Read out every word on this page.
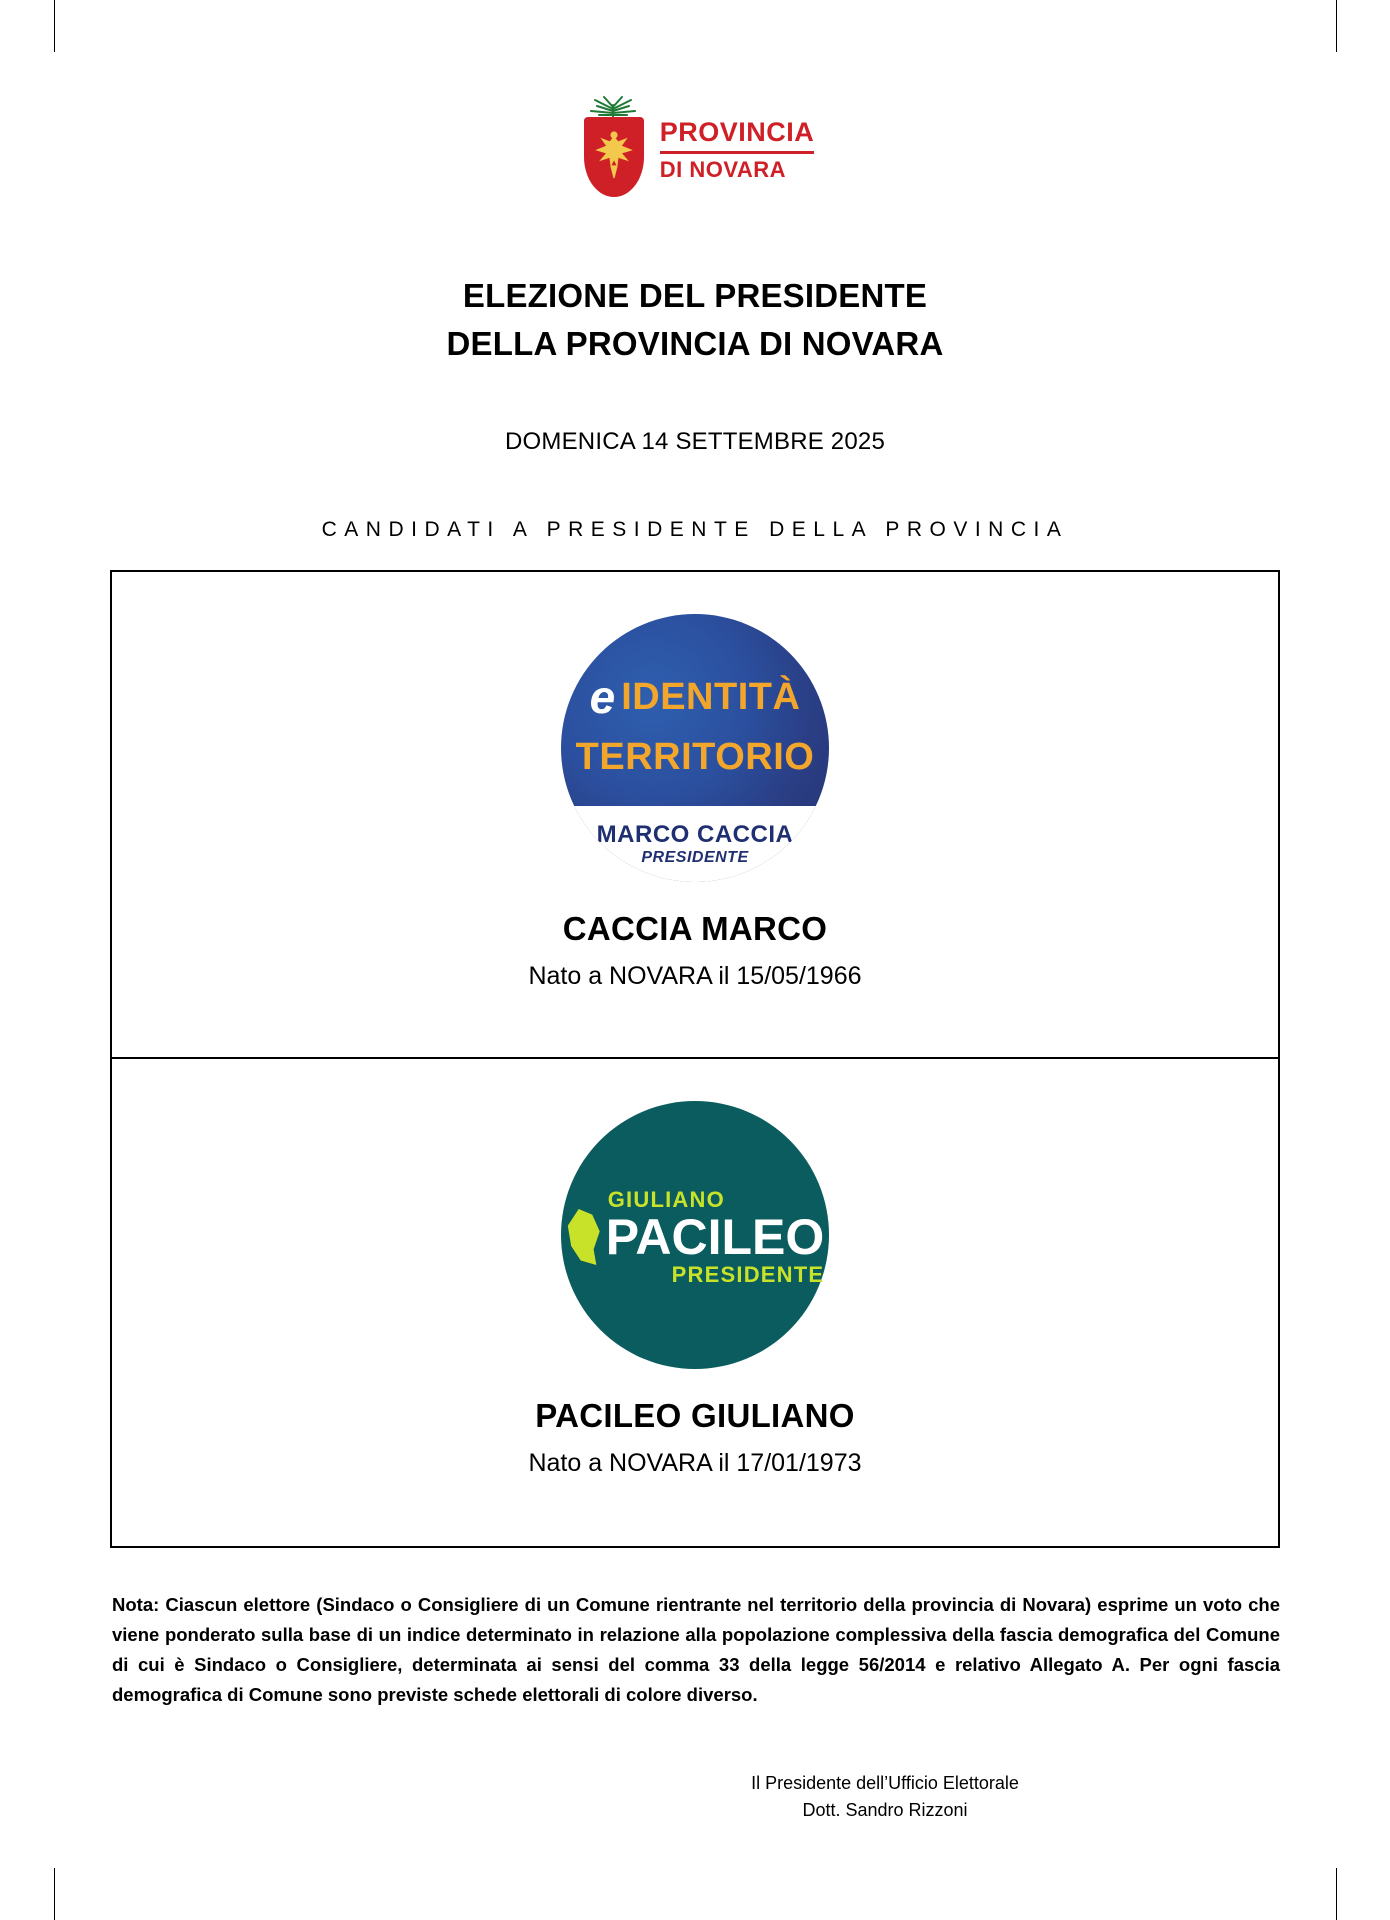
PROVINCIA
DI NOVARA
ELEZIONE DEL PRESIDENTE
DELLA PROVINCIA DI NOVARA
DOMENICA 14 SETTEMBRE 2025
CANDIDATI A PRESIDENTE DELLA PROVINCIA
e IDENTITÀ
TERRITORIO
MARCO CACCIA
PRESIDENTE
CACCIA MARCO
Nato a NOVARA il 15/05/1966
GIULIANO
PACILEO
PRESIDENTE
PACILEO GIULIANO
Nato a NOVARA il 17/01/1973
Nota: Ciascun elettore (Sindaco o Consigliere di un Comune rientrante nel territorio della provincia di Novara) esprime un voto che viene ponderato sulla base di un indice determinato in relazione alla popolazione complessiva della fascia demografica del Comune di cui è Sindaco o Consigliere, determinata ai sensi del comma 33 della legge 56/2014 e relativo Allegato A. Per ogni fascia demografica di Comune sono previste schede elettorali di colore diverso.
Il Presidente dell’Ufficio Elettorale
Dott. Sandro Rizzoni
